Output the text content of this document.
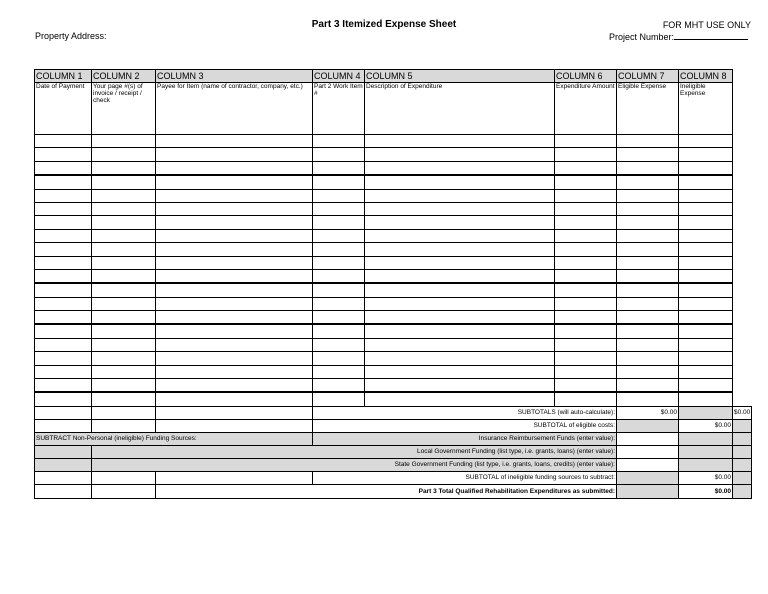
Part 3 Itemized Expense Sheet	FOR MHT USE ONLY
Property Address:	Project Number:
COLUMN 1	COLUMN 2	COLUMN 3	COLUMN 4	COLUMN 5	COLUMN 6	COLUMN 7	COLUMN 8	
Date of Payment	Your page #(s) of invoice / receipt / check	Payee for Item (name of contractor, company, etc.)	Part 2 Work Item #	Description of Expenditure	Expenditure Amount	Eligible Expense	Ineligible Expense	

			SUBTOTALS (will auto-calculate):			$0.00		$0.00
			SUBTOTAL of eligible costs:				$0.00	
SUBTRACT Non-Personal (ineligible) Funding Sources:			Insurance Reimbursement Funds (enter value):					
	Local Government Funding (list type, i.e. grants, loans) (enter value):							
	State Government Funding (list type, i.e. grants, loans, credits) (enter value):							
			SUBTOTAL of ineligible funding sources to subtract:				$0.00	
		Part 3 Total Qualified Rehabilitation Expenditures as submitted:					$0.00	
